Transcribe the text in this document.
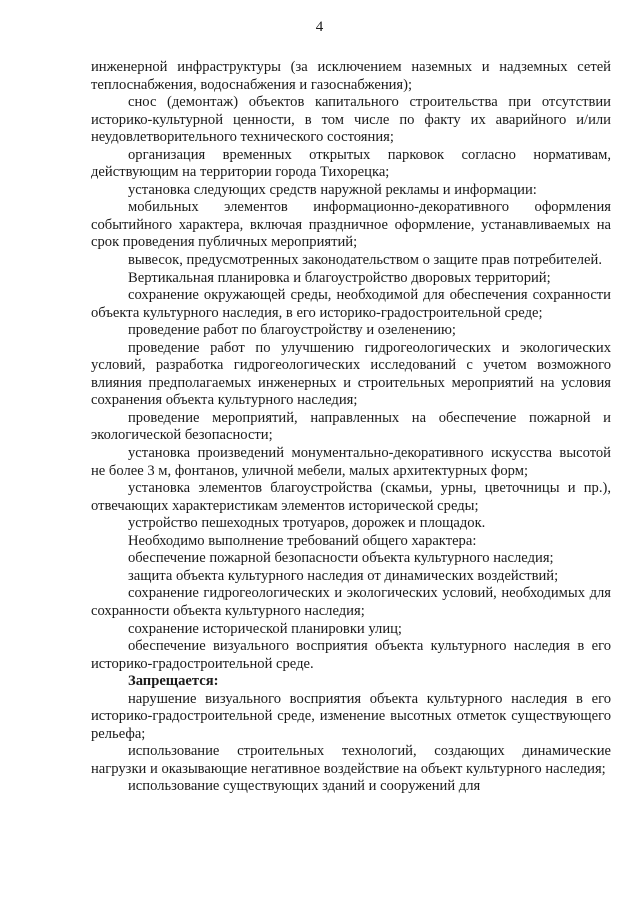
4

инженерной инфраструктуры (за исключением наземных и надземных сетей теплоснабжения, водоснабжения и газоснабжения);

снос (демонтаж) объектов капитального строительства при отсутствии историко-культурной ценности, в том числе по факту их аварийного и/или неудовлетворительного технического состояния;

организация временных открытых парковок согласно нормативам, действующим на территории города Тихорецка;

установка следующих средств наружной рекламы и информации:

мобильных элементов информационно-декоративного оформления событийного характера, включая праздничное оформление, устанавливаемых на срок проведения публичных мероприятий;

вывесок, предусмотренных законодательством о защите прав потребителей.

Вертикальная планировка и благоустройство дворовых территорий;

сохранение окружающей среды, необходимой для обеспечения сохранности объекта культурного наследия, в его историко-градостроительной среде;

проведение работ по благоустройству и озеленению;

проведение работ по улучшению гидрогеологических и экологических условий, разработка гидрогеологических исследований с учетом возможного влияния предполагаемых инженерных и строительных мероприятий на условия сохранения объекта культурного наследия;

проведение мероприятий, направленных на обеспечение пожарной и экологической безопасности;

установка произведений монументально-декоративного искусства высотой не более 3 м, фонтанов, уличной мебели, малых архитектурных форм;

установка элементов благоустройства (скамьи, урны, цветочницы и пр.), отвечающих характеристикам элементов исторической среды;

устройство пешеходных тротуаров, дорожек и площадок.

Необходимо выполнение требований общего характера:

обеспечение пожарной безопасности объекта культурного наследия;

защита объекта культурного наследия от динамических воздействий;

сохранение гидрогеологических и экологических условий, необходимых для сохранности объекта культурного наследия;

сохранение исторической планировки улиц;

обеспечение визуального восприятия объекта культурного наследия в его историко-градостроительной среде.

Запрещается:

нарушение визуального восприятия объекта культурного наследия в его историко-градостроительной среде, изменение высотных отметок существующего рельефа;

использование строительных технологий, создающих динамические нагрузки и оказывающие негативное воздействие на объект культурного наследия;

использование существующих зданий и сооружений для
